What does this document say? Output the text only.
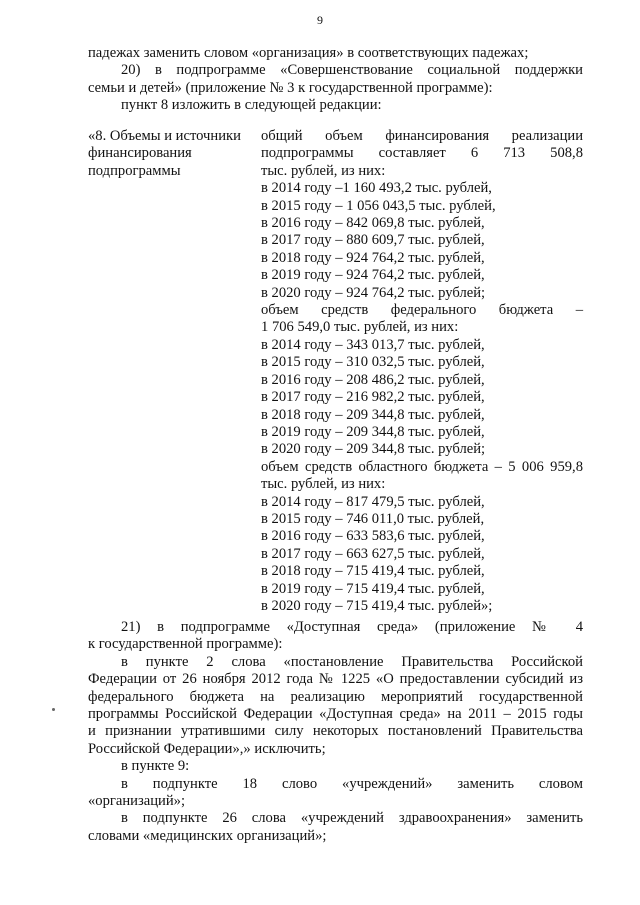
9
падежах заменить словом «организация» в соответствующих падежах;
20) в подпрограмме «Совершенствование социальной поддержки
семьи и детей» (приложение № 3 к государственной программе):
пункт 8 изложить в следующей редакции:
«8. Объемы и источники
финансирования
подпрограммы
общий объем финансирования реализации
подпрограммы составляет 6 713 508,8
тыс. рублей, из них:
в 2014 году –1 160 493,2 тыс. рублей,
в 2015 году – 1 056 043,5 тыс. рублей,
в 2016 году – 842 069,8 тыс. рублей,
в 2017 году – 880 609,7 тыс. рублей,
в 2018 году – 924 764,2 тыс. рублей,
в 2019 году – 924 764,2 тыс. рублей,
в 2020 году – 924 764,2 тыс. рублей;
объем средств федерального бюджета –
1 706 549,0 тыс. рублей, из них:
в 2014 году – 343 013,7 тыс. рублей,
в 2015 году – 310 032,5 тыс. рублей,
в 2016 году – 208 486,2 тыс. рублей,
в 2017 году – 216 982,2 тыс. рублей,
в 2018 году – 209 344,8 тыс. рублей,
в 2019 году – 209 344,8 тыс. рублей,
в 2020 году – 209 344,8 тыс. рублей;
объем средств областного бюджета – 5 006 959,8
тыс. рублей, из них:
в 2014 году – 817 479,5 тыс. рублей,
в 2015 году – 746 011,0 тыс. рублей,
в 2016 году – 633 583,6 тыс. рублей,
в 2017 году – 663 627,5 тыс. рублей,
в 2018 году – 715 419,4 тыс. рублей,
в 2019 году – 715 419,4 тыс. рублей,
в 2020 году – 715 419,4 тыс. рублей»;
21) в подпрограмме «Доступная среда» (приложение № 4
к государственной программе):
в пункте 2 слова «постановление Правительства Российской
Федерации от 26 ноября 2012 года № 1225 «О предоставлении субсидий из
федерального бюджета на реализацию мероприятий государственной
программы Российской Федерации «Доступная среда» на 2011 – 2015 годы
и признании утратившими силу некоторых постановлений Правительства
Российской Федерации»,» исключить;
в пункте 9:
в подпункте 18 слово «учреждений» заменить словом
«организаций»;
в подпункте 26 слова «учреждений здравоохранения» заменить
словами «медицинских организаций»;
